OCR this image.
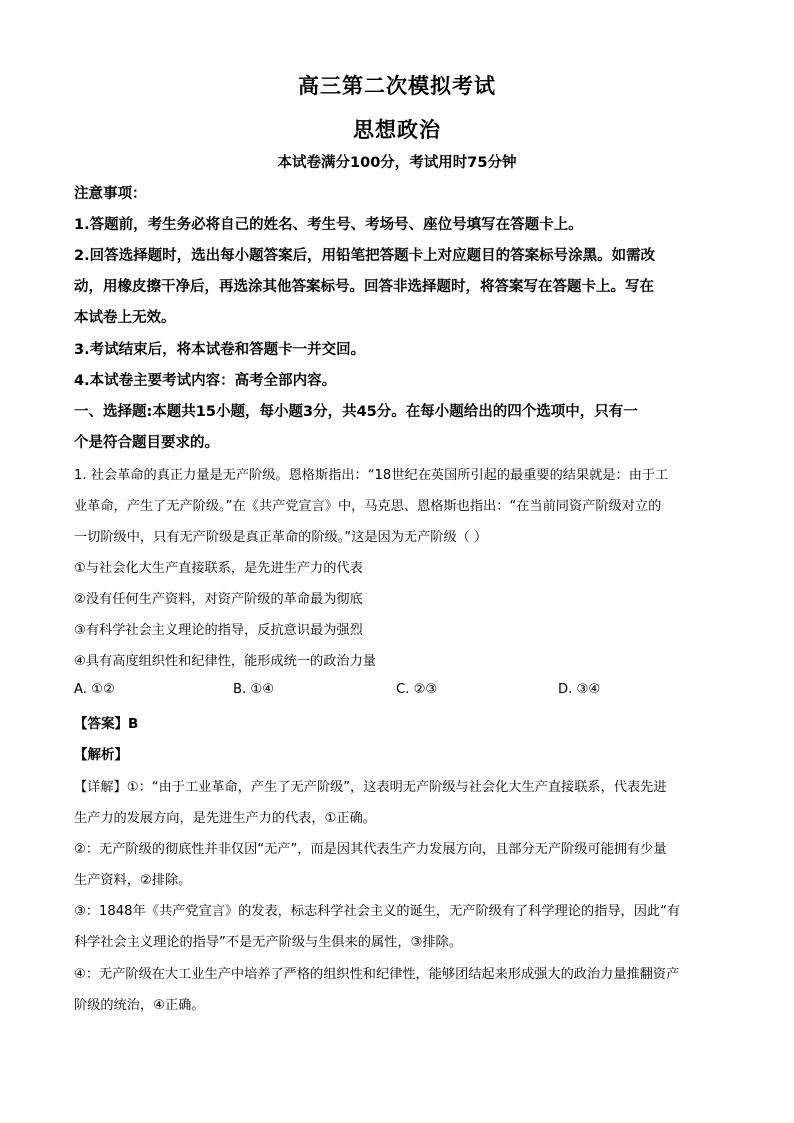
高三第二次模拟考试
思想政治
本试卷满分100分，考试用时75分钟
注意事项：
1.答题前，考生务必将自己的姓名、考生号、考场号、座位号填写在答题卡上。
2.回答选择题时，选出每小题答案后，用铅笔把答题卡上对应题目的答案标号涂黑。如需改
动，用橡皮擦干净后，再选涂其他答案标号。回答非选择题时，将答案写在答题卡上。写在
本试卷上无效。
3.考试结束后，将本试卷和答题卡一并交回。
4.本试卷主要考试内容：高考全部内容。
一、选择题:本题共15小题，每小题3分，共45分。在每小题给出的四个选项中，只有一
个是符合题目要求的。
1. 社会革命的真正力量是无产阶级。恩格斯指出：“18世纪在英国所引起的最重要的结果就是：由于工
业革命，产生了无产阶级。”在《共产党宣言》中，马克思、恩格斯也指出：“在当前同资产阶级对立的
一切阶级中，只有无产阶级是真正革命的阶级。”这是因为无产阶级（ ）
①与社会化大生产直接联系，是先进生产力的代表
②没有任何生产资料，对资产阶级的革命最为彻底
③有科学社会主义理论的指导，反抗意识最为强烈
④具有高度组织性和纪律性，能形成统一的政治力量
A. ①②	B. ①④	C. ②③	D. ③④
【答案】B
【解析】
【详解】①：“由于工业革命，产生了无产阶级”，这表明无产阶级与社会化大生产直接联系，代表先进
生产力的发展方向，是先进生产力的代表，①正确。
②：无产阶级的彻底性并非仅因“无产”，而是因其代表生产力发展方向，且部分无产阶级可能拥有少量
生产资料，②排除。
③：1848年《共产党宣言》的发表，标志科学社会主义的诞生，无产阶级有了科学理论的指导，因此“有
科学社会主义理论的指导”不是无产阶级与生俱来的属性，③排除。
④：无产阶级在大工业生产中培养了严格的组织性和纪律性，能够团结起来形成强大的政治力量推翻资产
阶级的统治，④正确。
